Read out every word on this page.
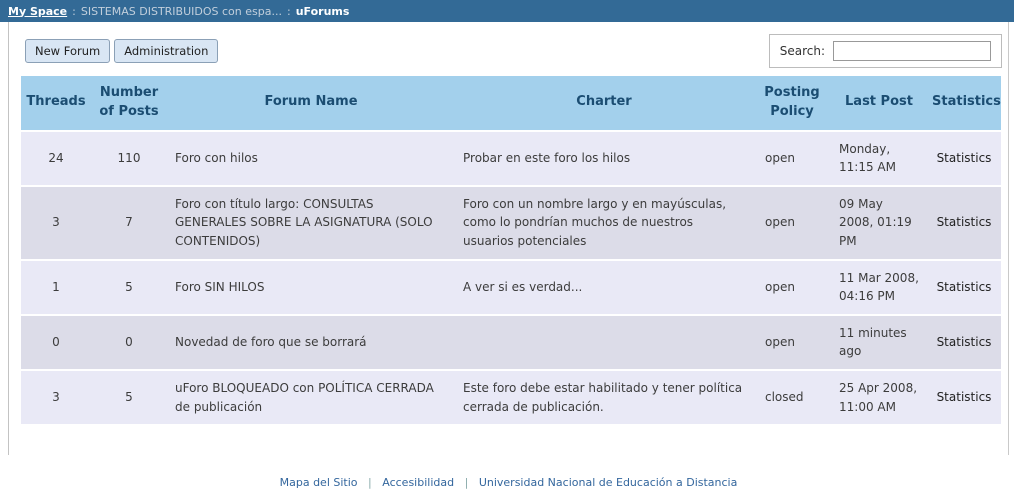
My Space : SISTEMAS DISTRIBUIDOS con espa... : uForums
New Forum	Administration	Search:
Threads	Number of Posts	Forum Name	Charter	Posting Policy	Last Post	Statistics
24	110	Foro con hilos	Probar en este foro los hilos	open	Monday, 11:15 AM	Statistics
3	7	Foro con título largo: CONSULTAS GENERALES SOBRE LA ASIGNATURA (SOLO CONTENIDOS)	Foro con un nombre largo y en mayúsculas, como lo pondrían muchos de nuestros usuarios potenciales	open	09 May 2008, 01:19 PM	Statistics
1	5	Foro SIN HILOS	A ver si es verdad...	open	11 Mar 2008, 04:16 PM	Statistics
0	0	Novedad de foro que se borrará		open	11 minutes ago	Statistics
3	5	uForo BLOQUEADO con POLÍTICA CERRADA de publicación	Este foro debe estar habilitado y tener política cerrada de publicación.	closed	25 Apr 2008, 11:00 AM	Statistics
Mapa del Sitio | Accesibilidad | Universidad Nacional de Educación a Distancia
